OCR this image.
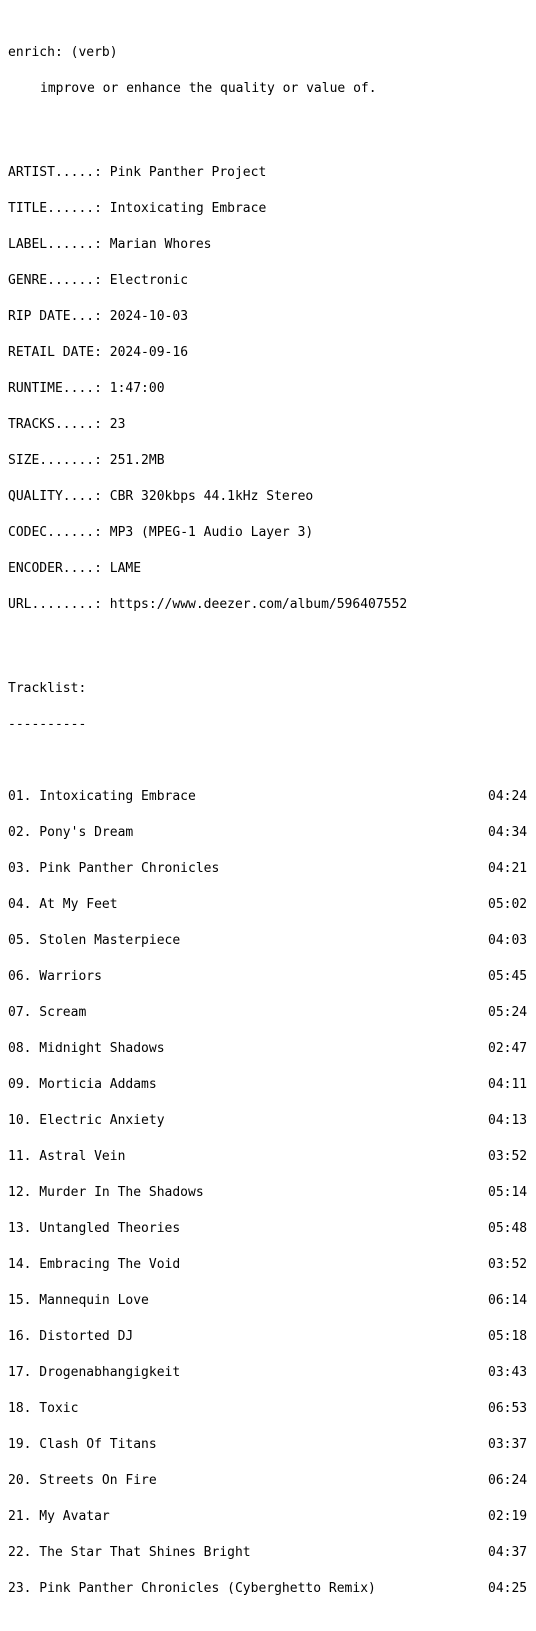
enrich: (verb)

improve or enhance the quality or value of.

ARTIST.....: Pink Panther Project

TITLE......: Intoxicating Embrace

LABEL......: Marian Whores

GENRE......: Electronic

RIP DATE...: 2024-10-03

RETAIL DATE: 2024-09-16

RUNTIME....: 1:47:00

TRACKS.....: 23

SIZE.......: 251.2MB

QUALITY....: CBR 320kbps 44.1kHz Stereo

CODEC......: MP3 (MPEG-1 Audio Layer 3)

ENCODER....: LAME

URL........: https://www.deezer.com/album/596407552

Tracklist:

----------

01. Intoxicating Embrace	04:24

02. Pony's Dream	04:34

03. Pink Panther Chronicles	04:21

04. At My Feet	05:02

05. Stolen Masterpiece	04:03

06. Warriors	05:45

07. Scream	05:24

08. Midnight Shadows	02:47

09. Morticia Addams	04:11

10. Electric Anxiety	04:13

11. Astral Vein	03:52

12. Murder In The Shadows	05:14

13. Untangled Theories	05:48

14. Embracing The Void	03:52

15. Mannequin Love	06:14

16. Distorted DJ	05:18

17. Drogenabhangigkeit	03:43

18. Toxic	06:53

19. Clash Of Titans	03:37

20. Streets On Fire	06:24

21. My Avatar	02:19

22. The Star That Shines Bright	04:37

23. Pink Panther Chronicles (Cyberghetto Remix)	04:25
